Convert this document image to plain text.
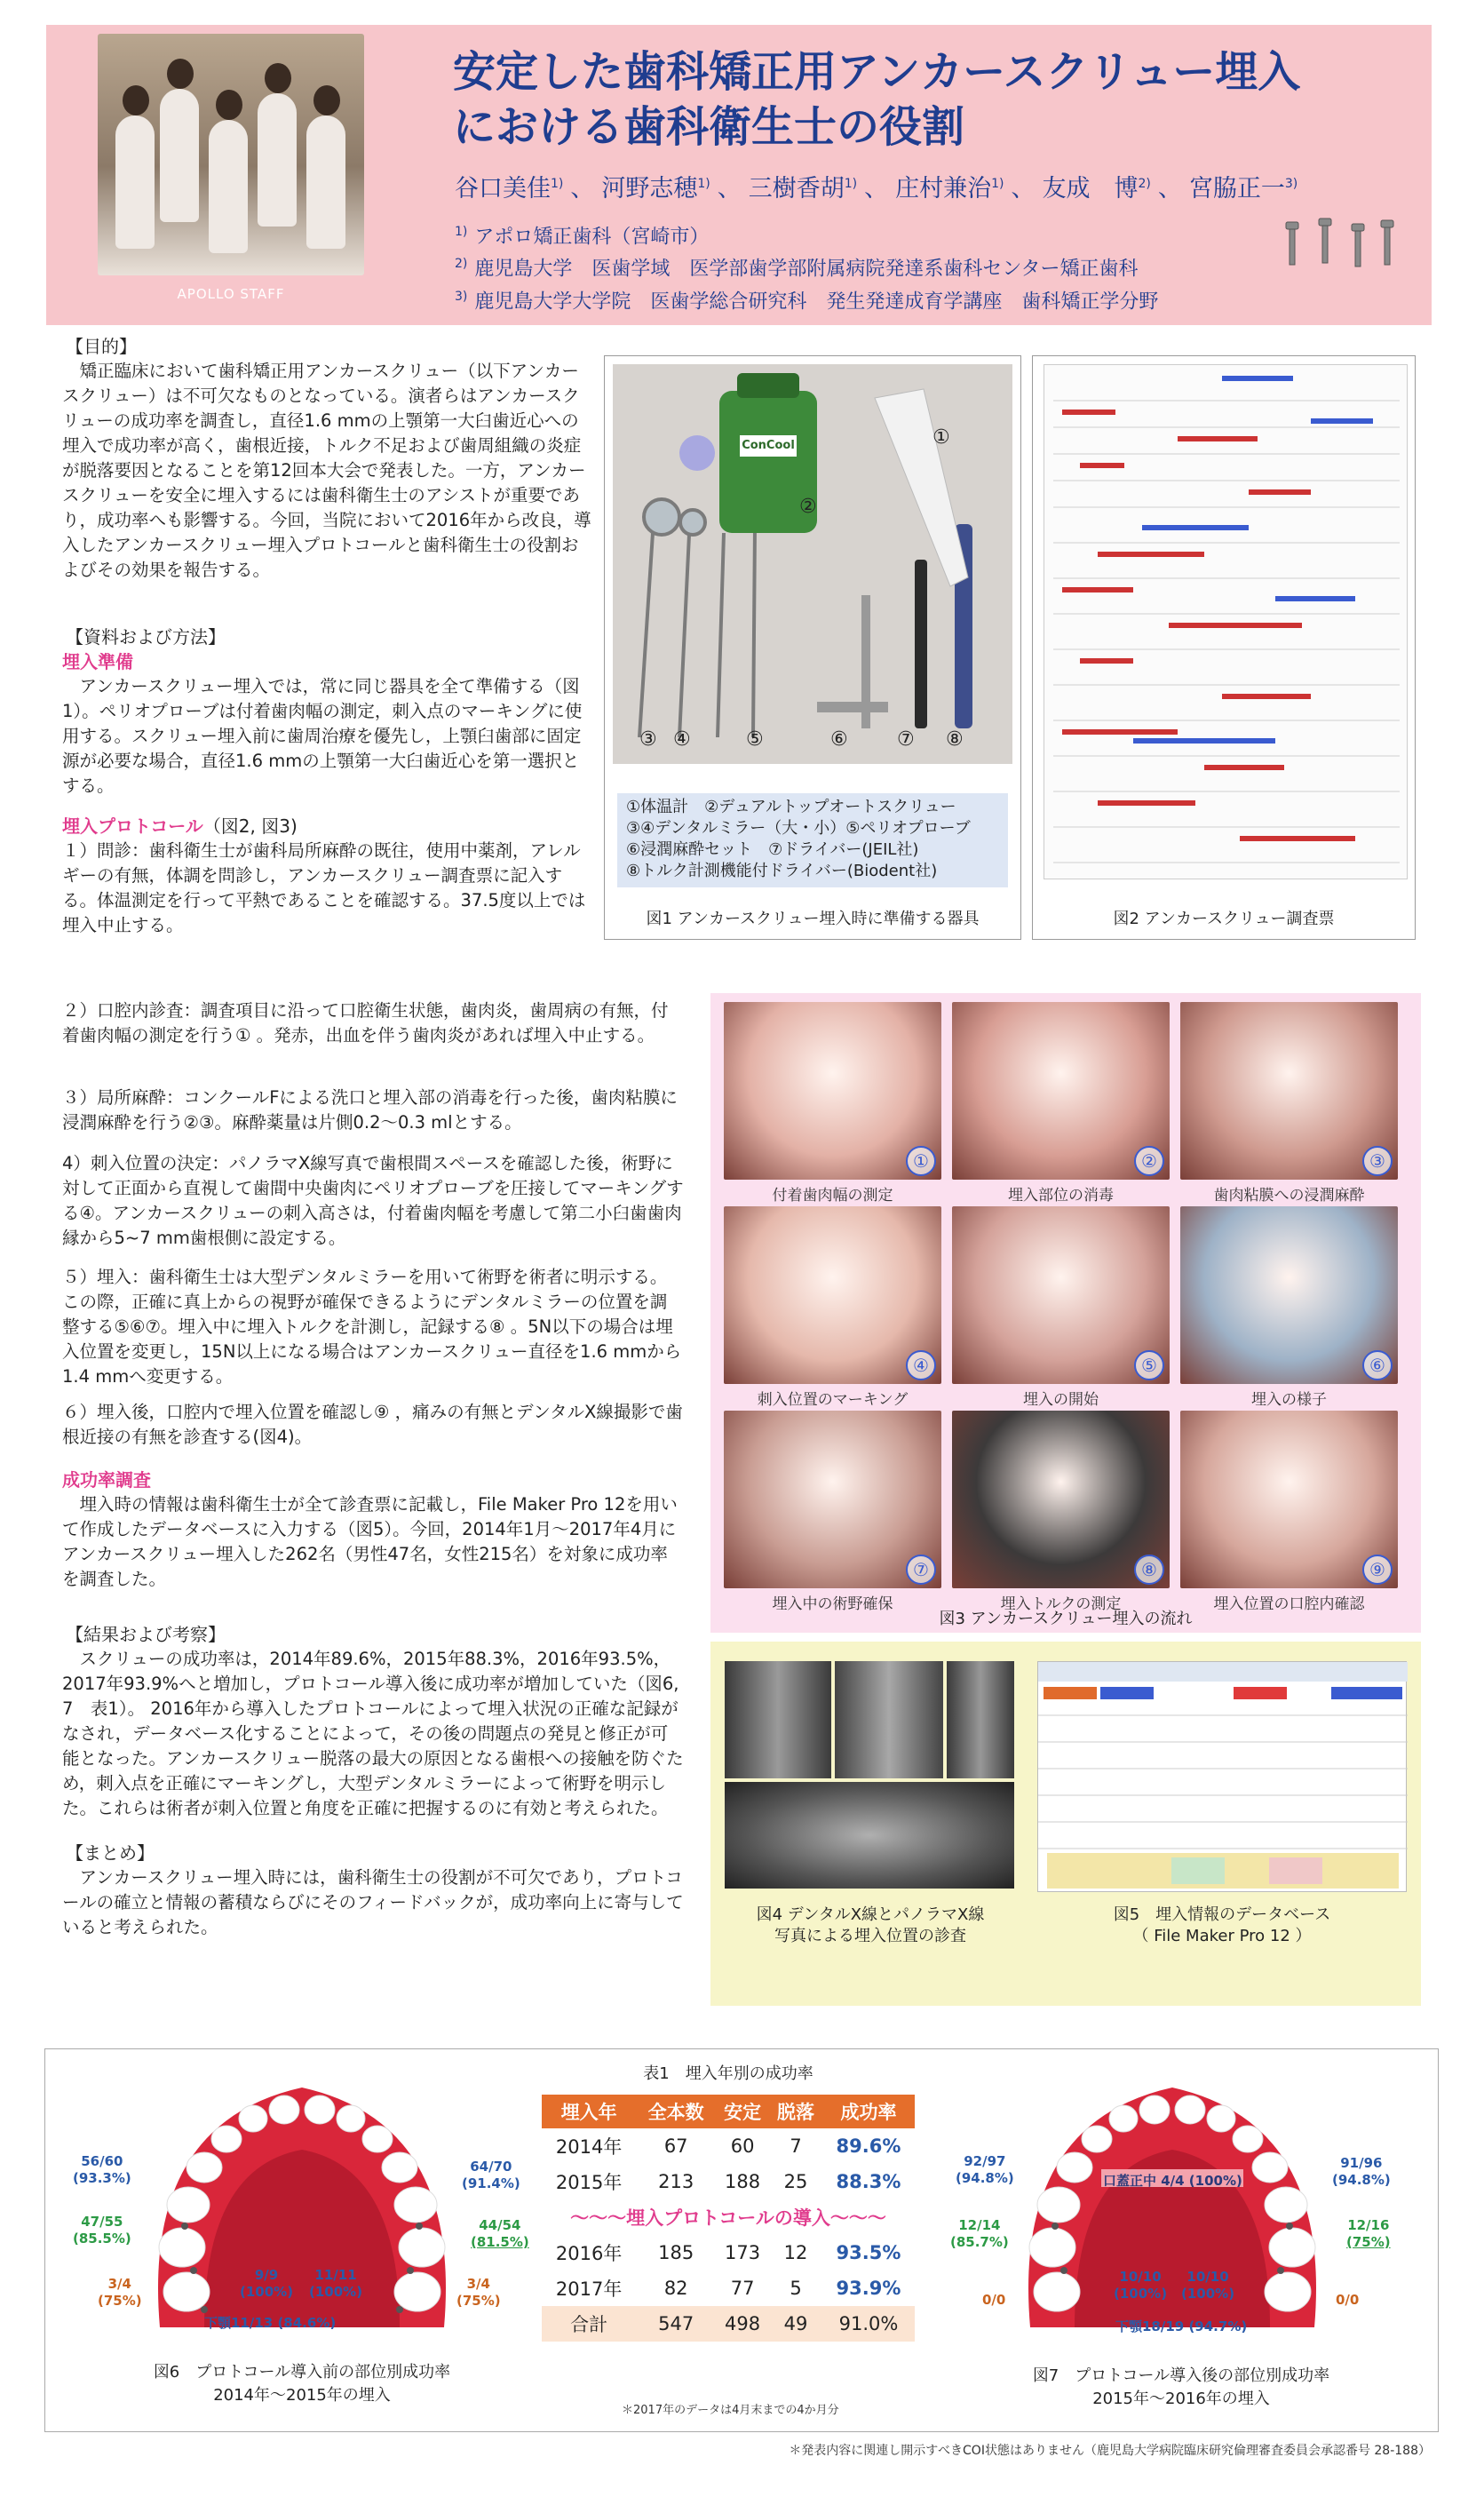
APOLLO STAFF
安定した歯科矯正用アンカースクリュー埋入
における歯科衛生士の役割
谷口美佳$^{1)}$ 、 河野志穂$^{1)}$ 、 三樹香胡$^{1)}$ 、 庄村兼治$^{1)}$ 、 友成　博$^{2)}$ 、 宮脇正一$^{3)}$
$^{1)}$ アポロ矯正歯科（宮崎市）
$^{2)}$ 鹿児島大学　医歯学域　医学部歯学部附属病院発達系歯科センター矯正歯科
$^{3)}$ 鹿児島大学大学院　医歯学総合研究科　発生発達成育学講座　歯科矯正学分野
【目的】
　矯正臨床において歯科矯正用アンカースクリュー（以下アンカースクリュー）は不可欠なものとなっている。演者らはアンカースクリューの成功率を調査し，直径1.6 mmの上顎第一大臼歯近心への埋入で成功率が高く，歯根近接，トルク不足および歯周組織の炎症が脱落要因となることを第12回本大会で発表した。一方，アンカースクリューを安全に埋入するには歯科衛生士のアシストが重要であり，成功率へも影響する。今回，当院において2016年から改良，導入したアンカースクリュー埋入プロトコールと歯科衛生士の役割およびその効果を報告する。
【資料および方法】
埋入準備
　アンカースクリュー埋入では，常に同じ器具を全て準備する（図1）。ペリオプローブは付着歯肉幅の測定，刺入点のマーキングに使用する。スクリュー埋入前に歯周治療を優先し，上顎臼歯部に固定源が必要な場合，直径1.6 mmの上顎第一大臼歯近心を第一選択とする。
埋入プロトコール（図2, 図3)
１）問診：歯科衛生士が歯科局所麻酔の既往，使用中薬剤，アレルギーの有無，体調を問診し，アンカースクリュー調査票に記入する。体温測定を行って平熱であることを確認する。37.5度以上では埋入中止する。
２）口腔内診査：調査項目に沿って口腔衛生状態，歯肉炎，歯周病の有無，付着歯肉幅の測定を行う① 。発赤，出血を伴う歯肉炎があれば埋入中止する。
３）局所麻酔：コンクールFによる洗口と埋入部の消毒を行った後，歯肉粘膜に浸潤麻酔を行う②③。麻酔薬量は片側0.2～0.3 mlとする。
4）刺入位置の決定：パノラマX線写真で歯根間スペースを確認した後，術野に対して正面から直視して歯間中央歯肉にペリオプローブを圧接してマーキングする④。アンカースクリューの刺入高さは，付着歯肉幅を考慮して第二小臼歯歯肉縁から5~7 mm歯根側に設定する。
５）埋入：歯科衛生士は大型デンタルミラーを用いて術野を術者に明示する。この際，正確に真上からの視野が確保できるようにデンタルミラーの位置を調整する⑤⑥⑦。埋入中に埋入トルクを計測し，記録する⑧ 。5N以下の場合は埋入位置を変更し，15N以上になる場合はアンカースクリュー直径を1.6 mmから1.4 mmへ変更する。
６）埋入後，口腔内で埋入位置を確認し⑨ ，痛みの有無とデンタルX線撮影で歯根近接の有無を診査する(図4)。
成功率調査
　埋入時の情報は歯科衛生士が全て診査票に記載し，File Maker Pro 12を用いて作成したデータベースに入力する（図5）。今回，2014年1月～2017年4月にアンカースクリュー埋入した262名（男性47名，女性215名）を対象に成功率を調査した。
【結果および考察】
　スクリューの成功率は，2014年89.6%，2015年88.3%，2016年93.5%，2017年93.9%へと増加し，プロトコール導入後に成功率が増加していた（図6, 7　表1）。 2016年から導入したプロトコールによって埋入状況の正確な記録がなされ，データベース化することによって，その後の問題点の発見と修正が可能となった。アンカースクリュー脱落の最大の原因となる歯根への接触を防ぐため，刺入点を正確にマーキングし，大型デンタルミラーによって術野を明示した。これらは術者が刺入位置と角度を正確に把握するのに有効と考えられた。
【まとめ】
　アンカースクリュー埋入時には，歯科衛生士の役割が不可欠であり，プロトコールの確立と情報の蓄積ならびにそのフィードバックが，成功率向上に寄与していると考えられた。
ConCool	①
②
③ ④	⑤	⑥	⑦ ⑧
①体温計　②デュアルトップオートスクリュー
③④デンタルミラー（大・小）⑤ペリオプローブ
⑥浸潤麻酔セット　⑦ドライバー(JEIL社)
⑧トルク計測機能付ドライバー(Biodent社)
図1 アンカースクリュー埋入時に準備する器具	図2 アンカースクリュー調査票
①
付着歯肉幅の測定
②
埋入部位の消毒
③
歯肉粘膜への浸潤麻酔
④
刺入位置のマーキング
⑤
埋入の開始
⑥
埋入の様子
⑦
埋入中の術野確保
⑧
埋入トルクの測定
⑨
埋入位置の口腔内確認
図3 アンカースクリュー埋入の流れ
図4 デンタルX線とパノラマX線
写真による埋入位置の診査
図5　埋入情報のデータベース
（ File Maker Pro 12 ）
56/60
(93.3%)
64/70
(91.4%)
47/55
(85.5%)
44/54
(81.5%)
3/4
(75%)
3/4
(75%)
9/9
(100%)
11/11
(100%)
下顎11/13 (84.6%)
図6　プロトコール導入前の部位別成功率
2014年～2015年の埋入
表1　埋入年別の成功率
埋入年	全本数	安定	脱落	成功率
2014年	67	60	7	89.6%
2015年	213	188	25	88.3%
～～～埋入プロトコールの導入～～～				
2016年	185	173	12	93.5%
2017年	82	77	5	93.9%
合計	547	498	49	91.0%
＊2017年のデータは4月末までの4か月分
口蓋正中 4/4 (100%)
92/97
(94.8%)
91/96
(94.8%)
12/14
(85.7%)
12/16
(75%)
0/0	0/0
10/10
(100%)
10/10
(100%)
下顎18/19 (94.7%)
図7　プロトコール導入後の部位別成功率
2015年～2016年の埋入
＊発表内容に関連し開示すべきCOI状態はありません（鹿児島大学病院臨床研究倫理審査委員会承認番号 28-188）
